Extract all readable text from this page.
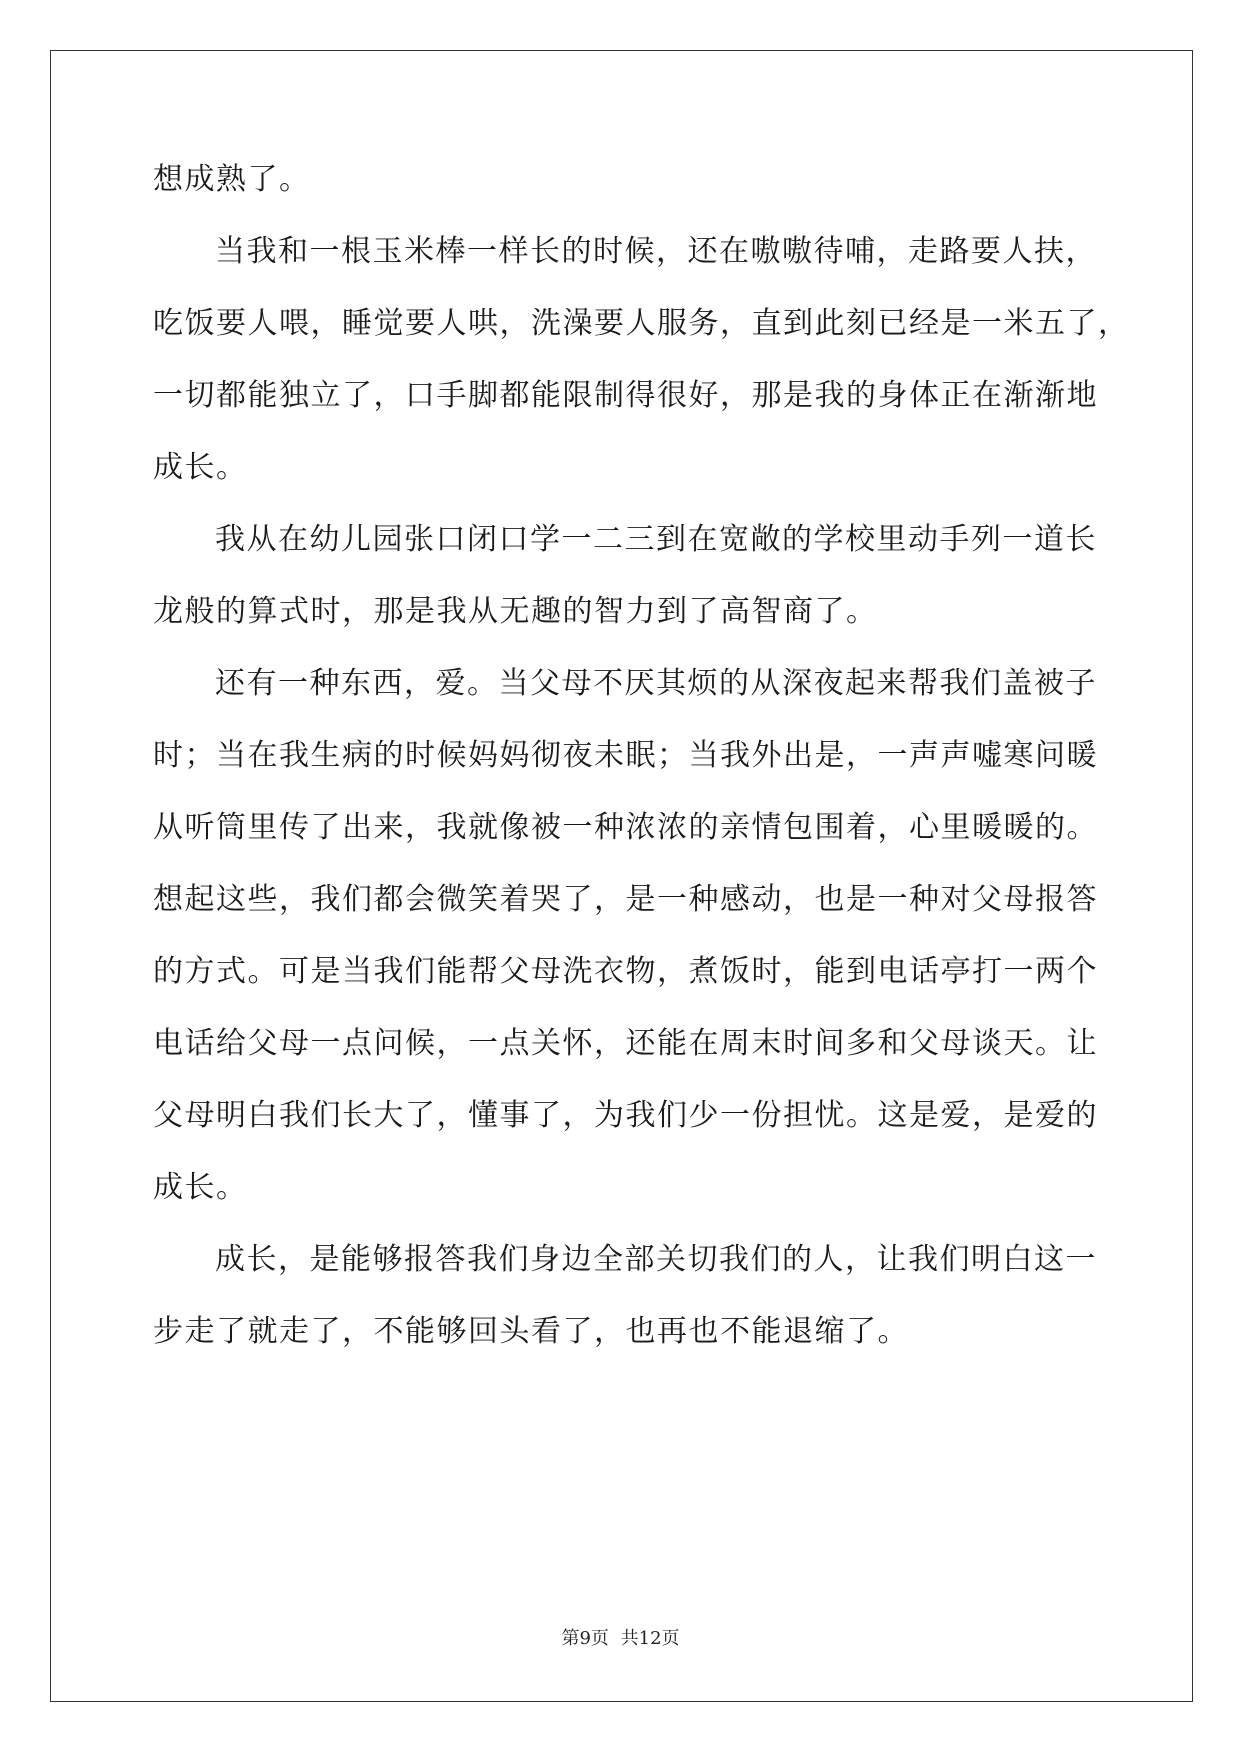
想成熟了。
当我和一根玉米棒一样长的时候，还在嗷嗷待哺，走路要人扶，
吃饭要人喂，睡觉要人哄，洗澡要人服务，直到此刻已经是一米五了，
一切都能独立了，口手脚都能限制得很好，那是我的身体正在渐渐地
成长。
我从在幼儿园张口闭口学一二三到在宽敞的学校里动手列一道长
龙般的算式时，那是我从无趣的智力到了高智商了。
还有一种东西，爱。当父母不厌其烦的从深夜起来帮我们盖被子
时；当在我生病的时候妈妈彻夜未眠；当我外出是，一声声嘘寒问暖
从听筒里传了出来，我就像被一种浓浓的亲情包围着，心里暖暖的。
想起这些，我们都会微笑着哭了，是一种感动，也是一种对父母报答
的方式。可是当我们能帮父母洗衣物，煮饭时，能到电话亭打一两个
电话给父母一点问候，一点关怀，还能在周末时间多和父母谈天。让
父母明白我们长大了，懂事了，为我们少一份担忧。这是爱，是爱的
成长。
成长，是能够报答我们身边全部关切我们的人，让我们明白这一
步走了就走了，不能够回头看了，也再也不能退缩了。
第9页 共12页
